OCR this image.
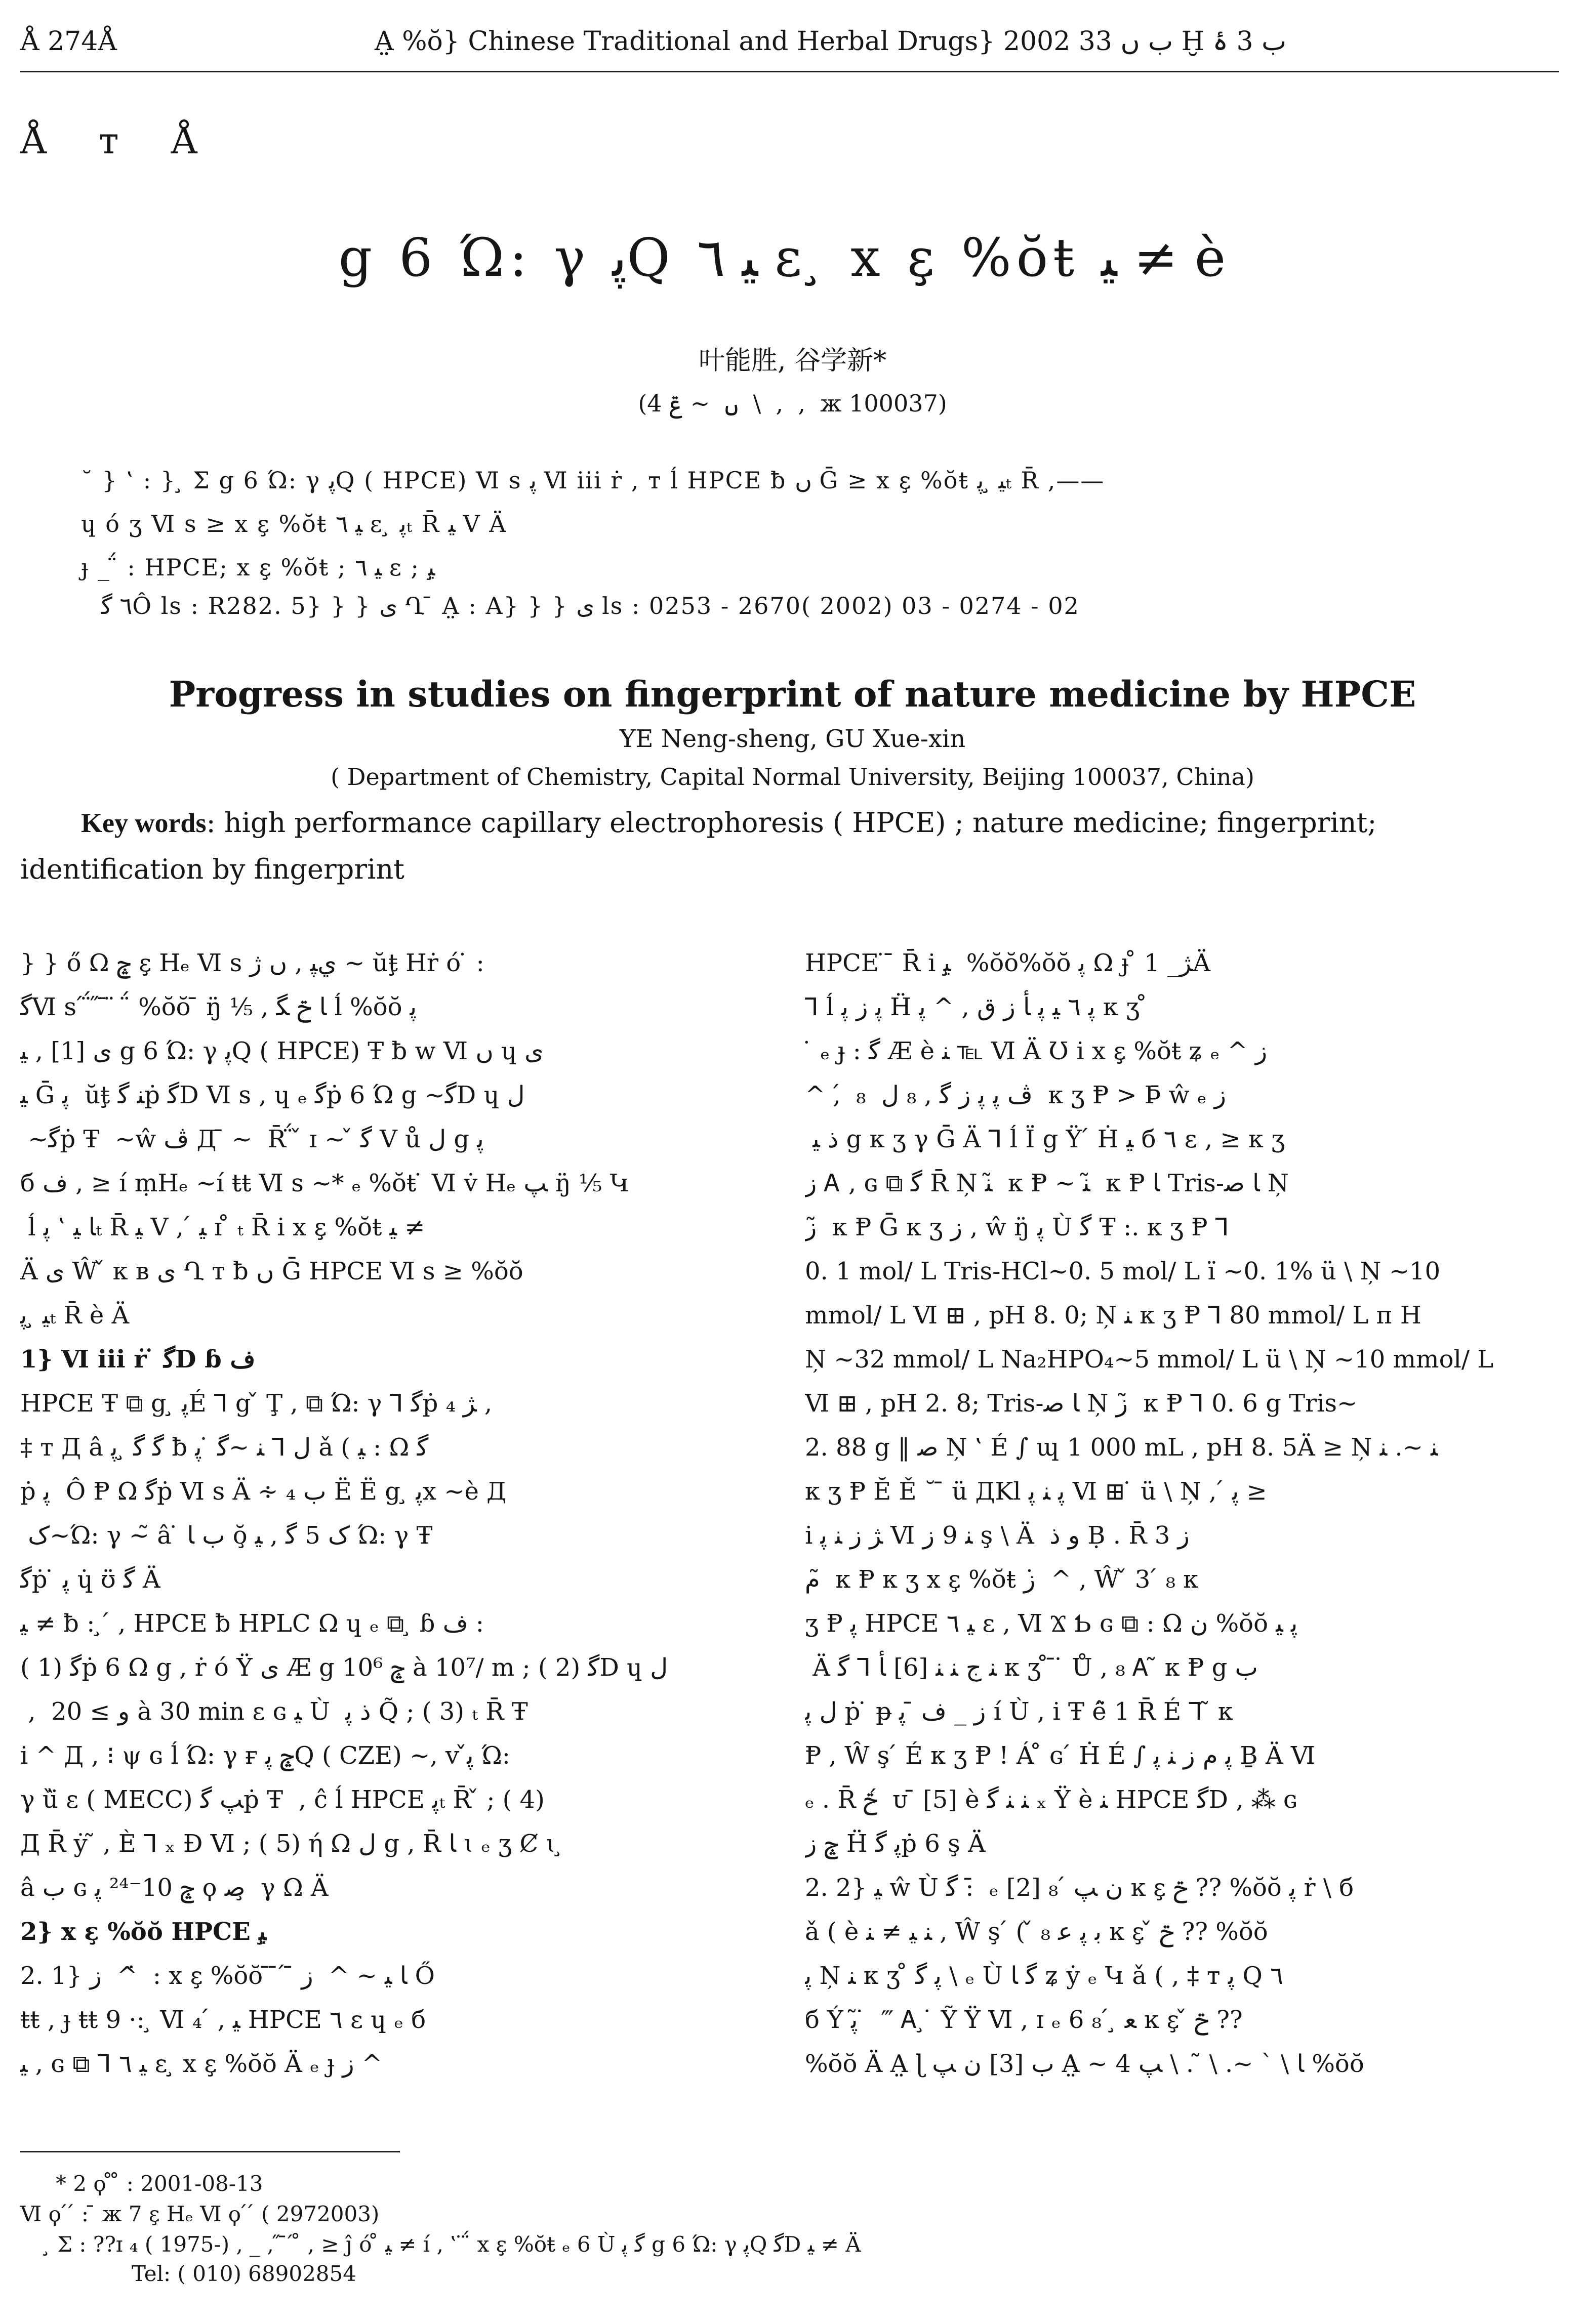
Å 274Å	A̤ %ŏ} Chinese Traditional and Herbal Drugs} 2002 ب ں 33 Ḫ ب 3 ۂ
Å т Å
g 6 Ώ: γ ﭘQ ﯿ ٦ ɛ ̧ x ɛ̧ %ŏŧ ﯿ ≠ è
叶能胜, 谷学新*
(4 ں ‍ ~ ݝ ‍ \ ‍ , ‍ , ‍ ж 100037)
˘ } ‛ : } ̧ Ʃ g 6 Ώ: γ ﭘQ ( HPCE) Ⅵ s ﭘ Ⅵ iii ṙ , т ĺ HPCE ƀ ں Ḡ ≥ x ɛ̧ %ŏŧ ﯿ ̧ ﭘₜ R̄ ,——
ɥ ó ʒ Ⅵ s ≥ x ɛ̧ %ŏŧ ﯿ ٦ ɛ ̧ ﭘₜ R̄ ﯿ V Ä
ɟ _ ̈́ : HPCE; x ɛ̧ %ŏŧ ; ﯿ ٦ ɛ ; ﯿ ̧
٦ ﮔÔ ls : R282. 5} } } ی Ղ ̄ A̤ : A} } } ی ls : 0253 - 2670( 2002) 03 - 0274 - 02
Progress in studies on fingerprint of nature medicine by HPCE
YE Neng-sheng, GU Xue-xin
( Department of Chemistry, Capital Normal University, Beijing 100037, China)
Key words: high performance capillary electrophoresis ( HPCE) ; nature medicine; fingerprint; identification by fingerprint
} } ő Ω ݘ ɛ̧ Hₑ Ⅵ s ﻱﭙ , ں ﮊ ~ ŭŧ̧ Hṙ ó ̇ :
ﮔⅥ s ́ ̈́ ̋ ̄ ̈ ‍ ̈́ %ŏŏ ̄ ŋ̈ ⅟₅ , ﺎ ݗ ﮕ ĺ %ŏŏ ﭘ
ی [1] , ﯿ g 6 Ώ: γ ﭘQ ( HPCE) Ŧ ƀ w Ⅵ ں ɥ ی
ﯿ Ḡ ﭘ ‍ ŭŧ̧ ﻨ ﮔṗ ﮔD Ⅵ s , ɥ ₑ ﮔṗ 6 Ώ g ~ﮔD ɥ ﻝ
̈́ ~ﮔṗ Ŧ ‍ ~ŵ ﭪ Д ̄ ~ ‍ R̄ ̈́ ̌ ɪ ~ ̌ ﮔ V ů ﻝ g ﭘ
б ﻑ , ≥ í ṃHₑ ~í ŧŧ Ⅵ s ~* ₑ %ŏŧ ̇ Ⅵ v̇ Hₑ ﭗ ŋ̈ ⅟₅ Կ
̧ ĺ ﺎ ﯿ ‛ ﭘₜ R̄ ﯿ V , ́ ﯿ ɪ ̊ ₜ R̄ i x ɛ̧ %ŏŧ ﯿ ≠
Ä ی Ŵ ̌ к ʙ ی Ղ т ƀ ں Ḡ HPCE Ⅵ s ≥ %ŏŏ
ﯿ ̧ ﭘₜ R̄ è Ä
1} Ⅵ iii ṙ ̇ ﮔD ɓ ﻑ
HPCE Ŧ ⧉ g ̧ ﭘÉ ⅂ g ̌ Ţ , ⧉ Ώ: γ ⅂ ﮔṗ ₄ ﮋ ,
‡ т Д â ﮔ ﮔ ̧ ﭘ ƀ ﻝ ⅂ ﻨ ~ﮔ ̇ ﭘ ǎ ( ﯿ : Ω ﮔ
ṗ ﭘ ‍ Ô Ᵽ Ω ﮔṗ Ⅵ s Ä ∻ ب ₄ Ë Ë g ̧ ﭘx ~è Д
̧ ﮎ~Ώ: γ ~̃ â ̇ ب ﺎ ŏ̧ ﮎ 5 ﮔ , ﯿ Ώ: γ Ŧ
ﮔṗ ̇ ﭘ ɥ̇ ʊ̈ ﮔ Ä
ﯿ ≠ ƀ : ̧ ́ , HPCE ƀ HPLC Ω ɥ ₑ ⧉ ̧ ɓ ﻑ :
( 1) ﮔṗ 6 Ω g , ṙ ó Ÿ ی Æ g ݘ 10⁶ à 10⁷/ m ; ( 2) ﮔD ɥ ﻝ
̈́ , ‍ و ≥ 20 à 30 min ɛ ɢ ﯿ Ù ‍ ﺫ ﭘ Q̃ ; ( 3) ₜ R̄ Ŧ
i ^ Д , ⁝ ψ ɢ ĺ Ώ: γ ғ ݘ ﭘQ ( CZE) ~, v ﭘ̌ Ώ:
γ ȕ̈ ɛ ( MECC) ﭗ ﮔṗ Ŧ ‍ , ĉ ĺ HPCE ﭘₜ R̄ ̌ ; ( 4)
Д R̄ ẏ ̃ , È ⅂ ₓ Ɖ Ⅵ ; ( 5) ή Ω ﻝ g , R̄ ﺎ ɩ ₑ ʒ Ȼ ɩ ̧
â ب ɢ ݘ 10⁻²⁴ ﭘ ϙ ﺻ ̧ γ Ω Ä
2} x ɛ̧ %ŏŏ HPCE ﯿ ̧
2. 1} ز ‍ ^ ̇ : x ɛ̧ %ŏŏ ̄ ̄ ́ ̄ ﺎ ﯿ ~ ^ ‍ ز Ő
ŧŧ , ɟ ŧŧ 9 ·: ̧ Ⅵ ₄ ́ , ﯿ HPCE ٦ ɛ ɥ ₑ б
ﯿ , ɢ ⧉ ⅂ ﯿ ٦ ɛ ̧ x ɛ̧ %ŏŏ Ä ₑ ɟ ز ^
HPCE ̇ ̄ R̄ i ﯿ ̧ %ŏŏ%ŏŏ ﭘ Ω ɟ ̊ ﮋ_ 1Ä
⅂ ĺ ﭘ ز ﭘ Ḧ ﭘ ٦ ﯿ ﭘ ﺄ ز ﻕ , ^ ﭘ к ʒ ̊
̄ ̇ ₑ ɟ : ﮔ Æ è ﻨ ℡ Ⅵ Ä Ʊ i x ɛ̧ %ŏŧ ʑ ₑ ^ ز
^ , ́ ₈ ‍ ﭪ ﭘ ﭘ ز ﮔ , ₈ ﻝ ‍ к ʒ Ᵽ > Þ̄ ŵ ₑ ز
‍ ﺫ ﯿ g к ʒ γ Ḡ Ä ⅂ ĺ Ï g Ÿ ́ Ḣ ﯿ б ٦ ɛ , ≥ к ʒ
ز Ꭺ , ɢ ⧉ ﮔ R̄ Ņ ﻨ ̃ к Ᵽ ~ ﻨ ̃ к Ᵽ ﺎ Tris-ﺎ ﺻ Ņ
ز ̃ к Ᵽ Ḡ к ʒ ز , ŵ ŋ̈ ﭘ Ù ﮔ Ŧ :. к ʒ Ᵽ ⅂
0. 1 mol/ L Tris-HCl~0. 5 mol/ L ї ~0. 1% ü \ Ņ ~10
mmol/ L Ⅵ ⊞ , pH 8. 0; Ņ ﻨ к ʒ Ᵽ ⅂ 80 mmol/ L п H
Ņ ~32 mmol/ L Na₂HPO₄~5 mmol/ L ü \ Ņ ~10 mmol/ L
Ⅵ ⊞ , pH 2. 8; Tris-ﺎ ﺻ Ņ ز ̃ к Ᵽ ⅂ 0. 6 g Tris~
2. 88 g ‖ ﺻ Ņ ‛ É ∫ ɰ 1 000 mL , pH 8. 5Ä ≥ Ņ ﻨ ~. ﻨ
к ʒ Ᵽ Ĕ Ě ˘ ̄ ü ДKl ﭘ ﻨ ﭘ Ⅵ ⊞ ̇ ü \ Ņ , ́ ﭘ ≥
i ﮋ ز ﻨ ﭘ Ⅵ ﻨ 9 ز ş \ Ä ‍ و ﺫ Ḅ . R̄ 3 ز
ﻡ ̃ к Ᵽ к ʒ x ɛ̧ %ŏŧ ز ̇ ^ , Ŵ ̌ 3 ́ ₈ к
ʒ Ᵽ ﭘ HPCE ﯿ ٦ ɛ , Ⅵ Ϫ Ƅ ɢ ⧉ : Ω ﻥ %ŏŏ ﭘ ﯿ
̧ Ä ﻨ ج ﻨ ﻨ [6] ﺄ ⅂ ﮔ к ʒ ̊ ̄ ̇ Ů , ₈ Ꭺ ̃ к Ᵽ g ب
ﻝ ﭘ ṗ ̇ ᵽ ز _ ﻑ ̄ ﭘ í Ù , i Ŧ ê̈ 1 R̄ É ⅂ ̃ к
Ᵽ , Ŵ ş ́ É к ʒ Ᵽ ! Á ̊ ɢ ́ Ḣ É ∫ ﭘ ﻡ ز ﻨ ﭘ Ḇ Ä Ⅵ
ₑ . R̄ ݗ ́ ᴜ ̄ [5] è ﻨ ﻨ ﮔ ₓ Ÿ è ﻨ HPCE ﮔD , ⁂ ɢ
ݘ ز Ḧ ﭘ ﮔṗ 6 ş Ä
2. 2} ﯿ ŵ Ù ﮔ : ̄ ₑ [2] ﻥ ﭗ ́ ₈ ĸ ɛ̧ ݗ ?? %ŏŏ ﭘ ṙ \ б
ǎ ( è ﻨ ﯿ ≠ ﻨ , Ŵ ş ́ ( ̌ ﺑ ﭘ ﻋ ₈ ĸ ɛ̧ ̌ ݗ ?? %ŏŏ
ﭘ Ņ ﻨ к ʒ ̊ ﭘ ﮔ \ ₑ Ù ﮔ ﺎ ʑ ẏ ₑ Կ ǎ ( , ‡ т ﭘ Q ٦
б Ý ﭘ ̃ ̇ ‴ Ꭺ ̧ ̇ Ỹ Ÿ Ⅵ , ɪ ₑ 6 ﻌ ̧ ́ ₈ ĸ ɛ̧ ̌ ݗ ??
%ŏŏ Ä A̤ ɭ ب [3] ﻥ ﭗ A̤ ~ ﺎ \ ˋ ~. \ ̃ . \ ﭗ 4 %ŏŏ
* 2 ϙ ̊ ̊ : 2001-08-13
Ⅵ ϙ ́ ́ : ̄ ж 7 ɛ̧ Hₑ Ⅵ ϙ ́ ́ ( 2972003)
̧ Ʃ : ??ɪ ₄ ( 1975-) , _ , ̋ ̄ ́ ̊ , ≥ ĵ ó ̊ ﯿ ≠ í , ‛ ̇ ̈́ x ɛ̧ %ŏŧ ₑ 6 Ù ﮔ ﭘ g 6 Ώ: γ ﭘQ ﮔD ﯿ ≠ Ä
Tel: ( 010) 68902854
